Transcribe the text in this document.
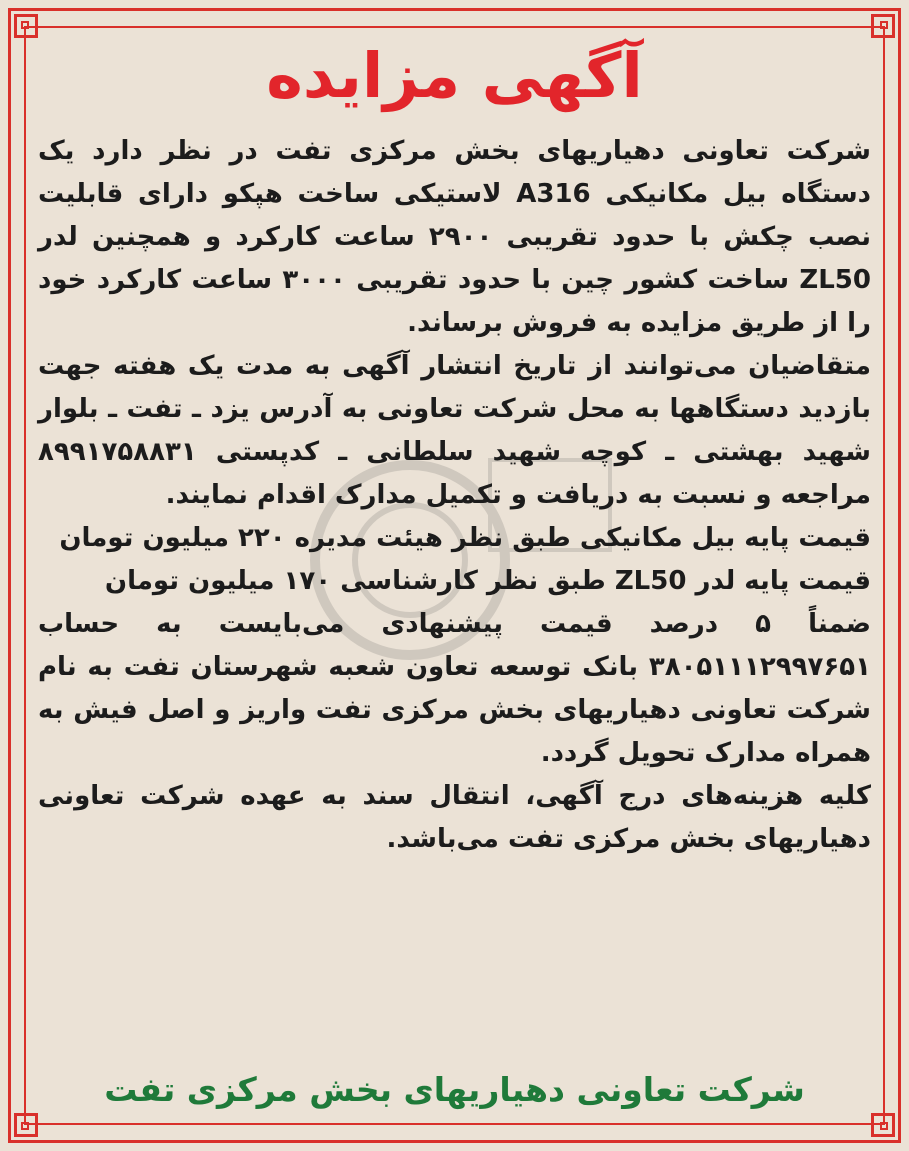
آگهی مزایده

شرکت تعاونی دهیاریهای بخش مرکزی تفت در نظر دارد یک دستگاه بیل مکانیکی A316 لاستیکی ساخت هپکو دارای قابلیت نصب چکش با حدود تقریبی ۲۹۰۰ ساعت کارکرد و همچنین لدر ZL50 ساخت کشور چین با حدود تقریبی ۳۰۰۰ ساعت کارکرد خود را از طریق مزایده به فروش برساند.

متقاضیان می‌توانند از تاریخ انتشار آگهی به مدت یک هفته جهت بازدید دستگاهها به محل شرکت تعاونی به آدرس یزد ـ تفت ـ بلوار شهید بهشتی ـ کوچه شهید سلطانی ـ کدپستی ۸۹۹۱۷۵۸۸۳۱ مراجعه و نسبت به دریافت و تکمیل مدارک اقدام نمایند.

قیمت پایه بیل مکانیکی طبق نظر هیئت مدیره ۲۲۰ میلیون تومان

قیمت پایه لدر ZL50 طبق نظر کارشناسی ۱۷۰ میلیون تومان

ضمناً ۵ درصد قیمت پیشنهادی می‌بایست به حساب ۳۸۰۵۱۱۱۲۹۹۷۶۵۱ بانک توسعه تعاون شعبه شهرستان تفت به نام شرکت تعاونی دهیاریهای بخش مرکزی تفت واریز و اصل فیش به همراه مدارک تحویل گردد.

کلیه هزینه‌های درج آگهی، انتقال سند به عهده شرکت تعاونی دهیاریهای بخش مرکزی تفت می‌باشد.

شرکت تعاونی دهیاریهای بخش مرکزی تفت
